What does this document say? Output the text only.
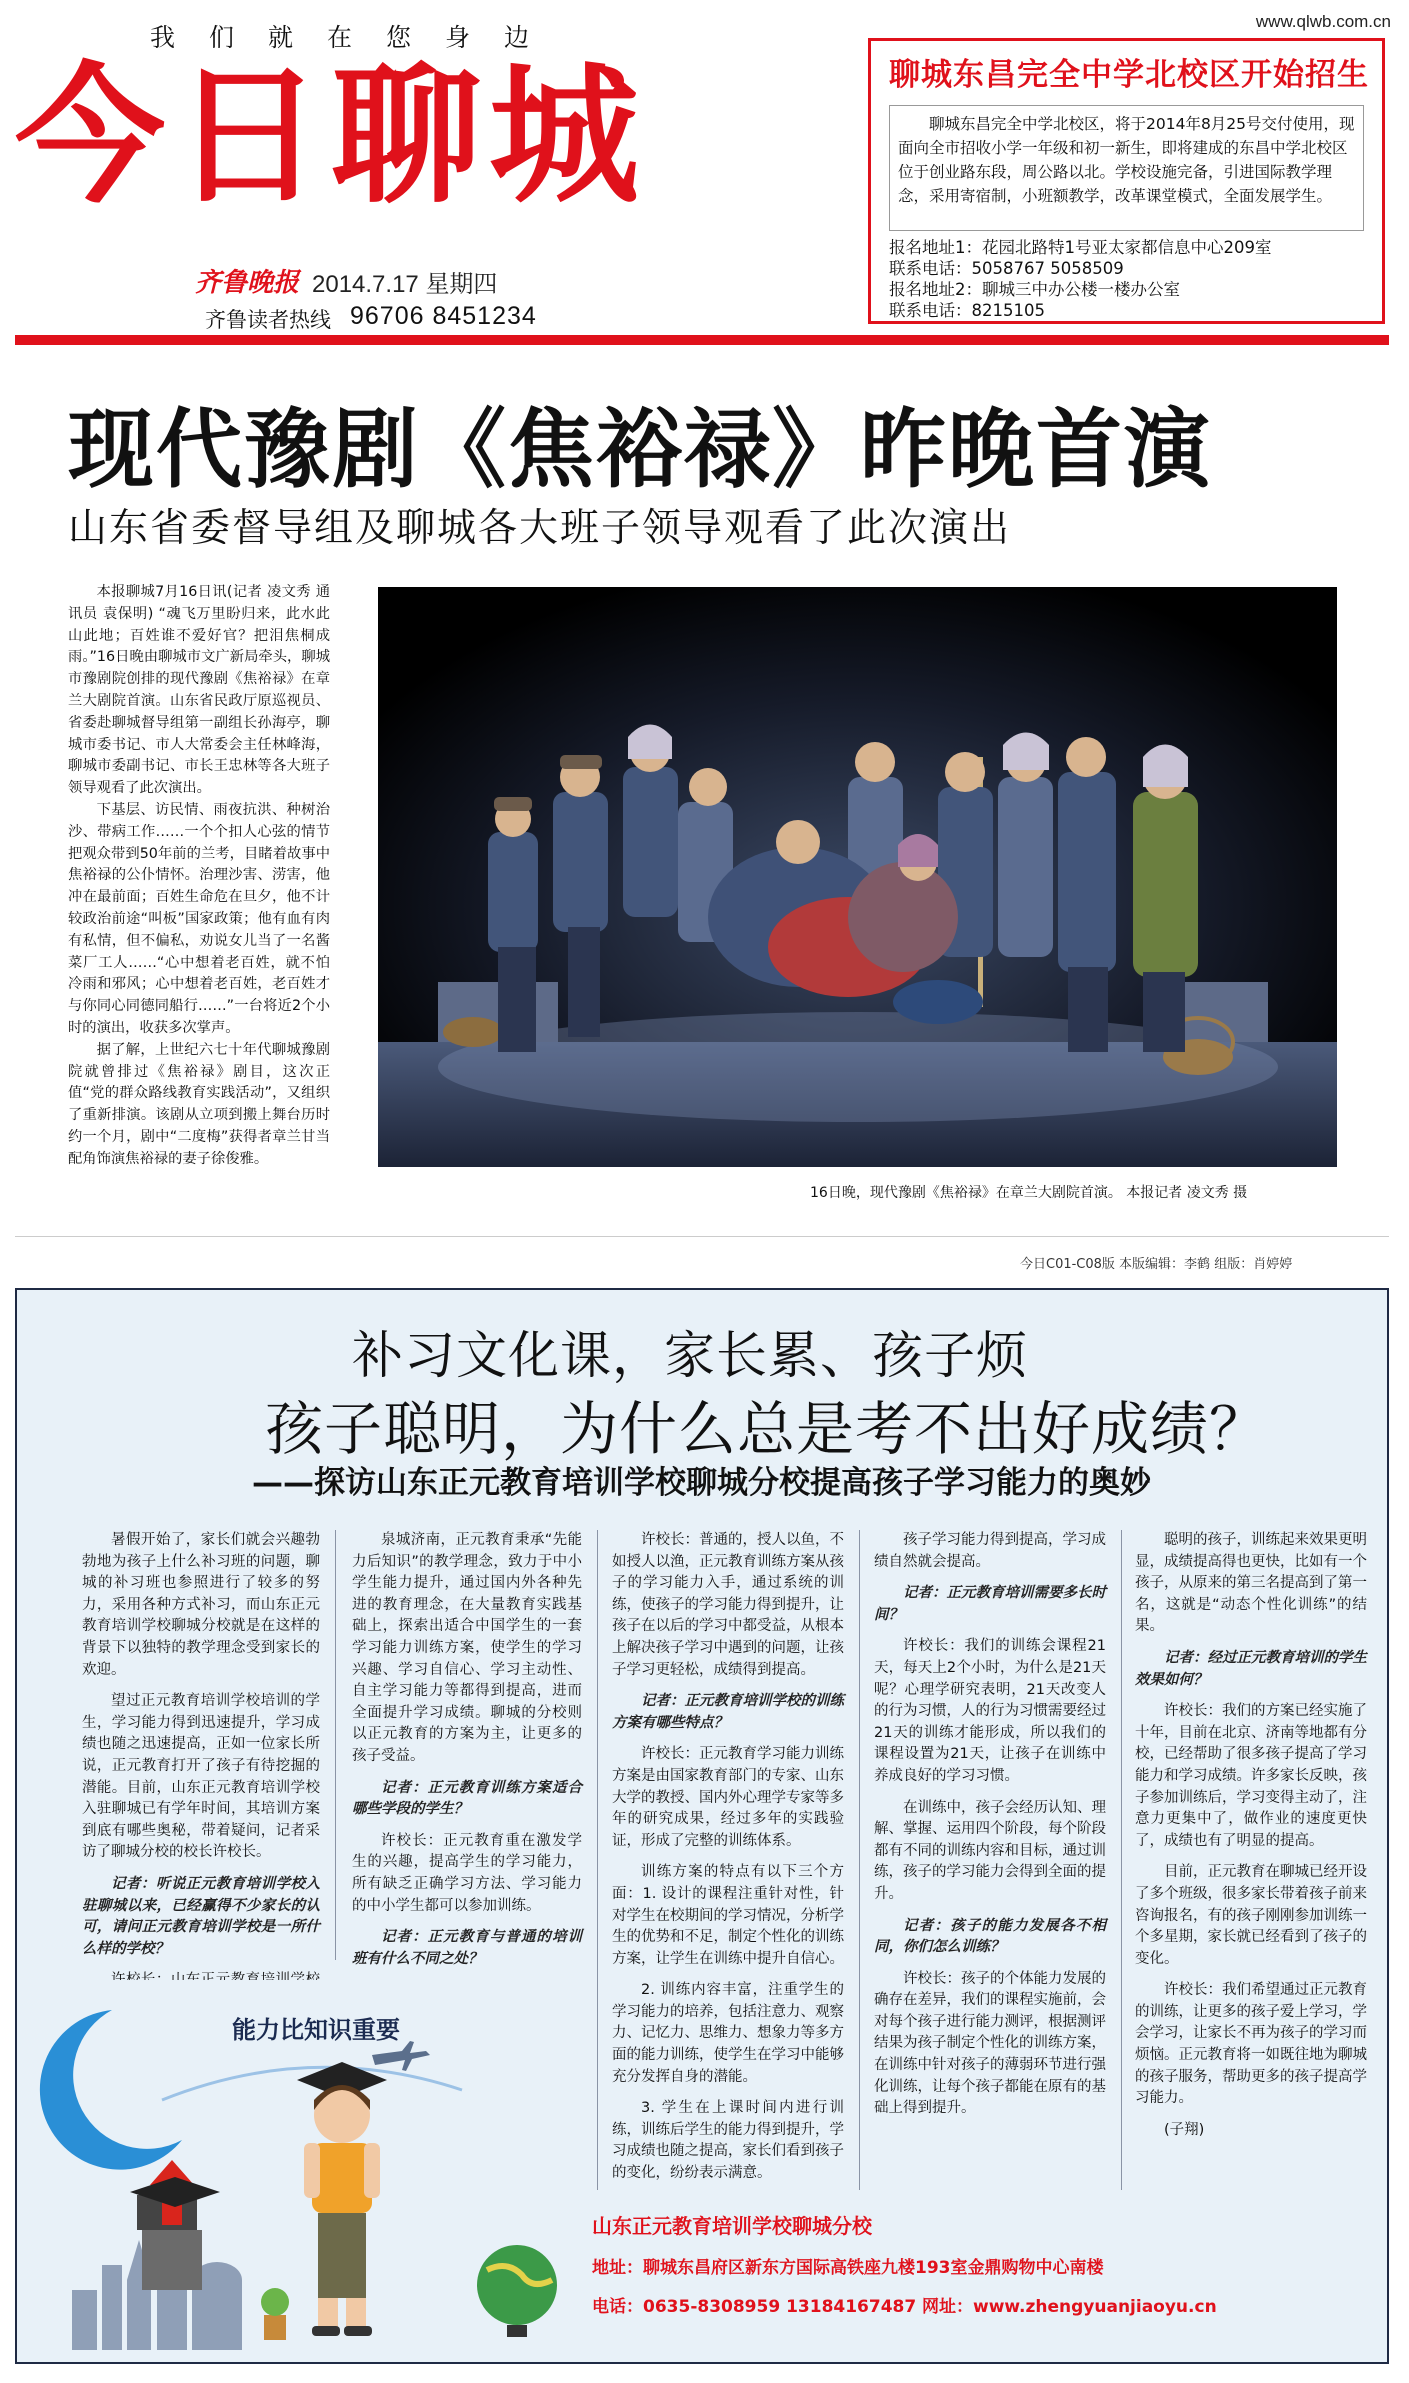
我们就在您身边
www.qlwb.com.cn
今日聊城
齐鲁晚报 2014.7.17 星期四
齐鲁读者热线 96706 8451234
聊城东昌完全中学北校区开始招生
聊城东昌完全中学北校区，将于2014年8月25号交付使用，现面向全市招收小学一年级和初一新生，即将建成的东昌中学北校区位于创业路东段，周公路以北。学校设施完备，引进国际教学理念，采用寄宿制，小班额教学，改革课堂模式，全面发展学生。
报名地址1：花园北路特1号亚太家都信息中心209室
联系电话：5058767 5058509
报名地址2：聊城三中办公楼一楼办公室
联系电话：8215105
现代豫剧《焦裕禄》昨晚首演
山东省委督导组及聊城各大班子领导观看了此次演出

本报聊城7月16日讯(记者 凌文秀 通讯员 袁保明) “魂飞万里盼归来，此水此山此地；百姓谁不爱好官？把泪焦桐成雨。”16日晚由聊城市文广新局牵头，聊城市豫剧院创排的现代豫剧《焦裕禄》在章兰大剧院首演。山东省民政厅原巡视员、省委赴聊城督导组第一副组长孙海亭，聊城市委书记、市人大常委会主任林峰海，聊城市委副书记、市长王忠林等各大班子领导观看了此次演出。

下基层、访民情、雨夜抗洪、种树治沙、带病工作……一个个扣人心弦的情节把观众带到50年前的兰考，目睹着故事中焦裕禄的公仆情怀。治理沙害、涝害，他冲在最前面；百姓生命危在旦夕，他不计较政治前途“叫板”国家政策；他有血有肉有私情，但不偏私，劝说女儿当了一名酱菜厂工人……“心中想着老百姓，就不怕冷雨和邪风；心中想着老百姓，老百姓才与你同心同德同船行……”一台将近2个小时的演出，收获多次掌声。

据了解，上世纪六七十年代聊城豫剧院就曾排过《焦裕禄》剧目，这次正值“党的群众路线教育实践活动”，又组织了重新排演。该剧从立项到搬上舞台历时约一个月，剧中“二度梅”获得者章兰甘当配角饰演焦裕禄的妻子徐俊雅。

16日晚，现代豫剧《焦裕禄》在章兰大剧院首演。 本报记者 凌文秀 摄
今日C01-C08版 本版编辑：李鹤 组版：肖婷婷
补习文化课，家长累、孩子烦
孩子聪明，为什么总是考不出好成绩？
——探访山东正元教育培训学校聊城分校提高孩子学习能力的奥妙

暑假开始了，家长们就会兴趣勃勃地为孩子上什么补习班的问题，聊城的补习班也参照进行了较多的努力，采用各种方式补习，而山东正元教育培训学校聊城分校就是在这样的背景下以独特的教学理念受到家长的欢迎。

望过正元教育培训学校培训的学生，学习能力得到迅速提升，学习成绩也随之迅速提高，正如一位家长所说，正元教育打开了孩子有待挖掘的潜能。目前，山东正元教育培训学校入驻聊城已有学年时间，其培训方案到底有哪些奥秘，带着疑问，记者采访了聊城分校的校长许校长。

记者：听说正元教育培训学校入驻聊城以来，已经赢得不少家长的认可，请问正元教育培训学校是一所什么样的学校？

泉城济南，正元教育秉承“先能力后知识”的教学理念，致力于中小学生能力提升，通过国内外各种先进的教育理念，在大量教育实践基础上，探索出适合中国学生的一套学习能力训练方案，使学生的学习兴趣、学习自信心、学习主动性、自主学习能力等都得到提高，进而全面提升学习成绩。聊城的分校则以正元教育的方案为主，让更多的孩子受益。

记者：正元教育训练方案适合哪些学段的学生？

许校长：正元教育重在激发学生的兴趣，提高学生的学习能力，所有缺乏正确学习方法、学习能力的中小学生都可以参加训练。

记者：正元教育与普通的培训班有什么不同之处？

许校长：普通的，授人以鱼，不如授人以渔，正元教育训练方案从孩子的学习能力入手，通过系统的训练，使孩子的学习能力得到提升，让孩子在以后的学习中都受益，从根本上解决孩子学习中遇到的问题，让孩子学习更轻松，成绩得到提高。

记者：正元教育培训学校的训练方案有哪些特点？

许校长：正元教育学习能力训练方案是由国家教育部门的专家、山东大学的教授、国内外心理学专家等多年的研究成果，经过多年的实践验证，形成了完整的训练体系。

训练方案的特点有以下三个方面：1. 设计的课程注重针对性，针对学生在校期间的学习情况，分析学生的优势和不足，制定个性化的训练方案，让学生在训练中提升自信心。

2. 训练内容丰富，注重学生的学习能力的培养，包括注意力、观察力、记忆力、思维力、想象力等多方面的能力训练，使学生在学习中能够充分发挥自身的潜能。

3. 学生在上课时间内进行训练，训练后学生的能力得到提升，学习成绩也随之提高，家长们看到孩子的变化，纷纷表示满意。

孩子学习能力得到提高，学习成绩自然就会提高。

记者：正元教育培训需要多长时间？

许校长：我们的训练会课程21天，每天上2个小时，为什么是21天呢？心理学研究表明，21天改变人的行为习惯，人的行为习惯需要经过21天的训练才能形成，所以我们的课程设置为21天，让孩子在训练中养成良好的学习习惯。

在训练中，孩子会经历认知、理解、掌握、运用四个阶段，每个阶段都有不同的训练内容和目标，通过训练，孩子的学习能力会得到全面的提升。

记者：孩子的能力发展各不相同，你们怎么训练？

许校长：孩子的个体能力发展的确存在差异，我们的课程实施前，会对每个孩子进行能力测评，根据测评结果为孩子制定个性化的训练方案，在训练中针对孩子的薄弱环节进行强化训练，让每个孩子都能在原有的基础上得到提升。

聪明的孩子，训练起来效果更明显，成绩提高得也更快，比如有一个孩子，从原来的第三名提高到了第一名，这就是“动态个性化训练”的结果。

记者：经过正元教育培训的学生效果如何？

许校长：我们的方案已经实施了十年，目前在北京、济南等地都有分校，已经帮助了很多孩子提高了学习能力和学习成绩。许多家长反映，孩子参加训练后，学习变得主动了，注意力更集中了，做作业的速度更快了，成绩也有了明显的提高。

目前，正元教育在聊城已经开设了多个班级，很多家长带着孩子前来咨询报名，有的孩子刚刚参加训练一个多星期，家长就已经看到了孩子的变化。

许校长：我们希望通过正元教育的训练，让更多的孩子爱上学习，学会学习，让家长不再为孩子的学习而烦恼。正元教育将一如既往地为聊城的孩子服务，帮助更多的孩子提高学习能力。

(子翔)

能力比知识重要
山东正元教育培训学校聊城分校
地址：聊城东昌府区新东方国际高铁座九楼193室金鼎购物中心南楼
电话：0635-8308959 13184167487 网址：www.zhengyuanjiaoyu.cn
